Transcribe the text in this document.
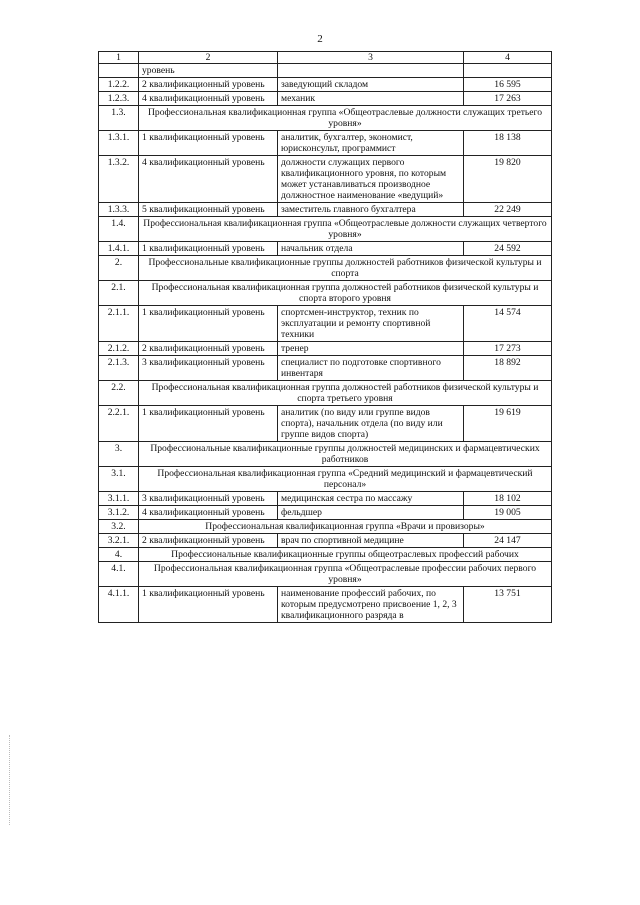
2
1	2	3	4
	уровень		
1.2.2.	2 квалификационный уровень	заведующий складом	16 595
1.2.3.	4 квалификационный уровень	механик	17 263
1.3.	Профессиональная квалификационная группа «Общеотраслевые должности служащих третьего уровня»		
1.3.1.	1 квалификационный уровень	аналитик, бухгалтер, экономист, юрисконсульт, программист	18 138
1.3.2.	4 квалификационный уровень	должности служащих первого квалификационного уровня, по которым может устанавливаться производное должностное наименование «ведущий»	19 820
1.3.3.	5 квалификационный уровень	заместитель главного бухгалтера	22 249
1.4.	Профессиональная квалификационная группа «Общеотраслевые должности служащих четвертого уровня»		
1.4.1.	1 квалификационный уровень	начальник отдела	24 592
2.	Профессиональные квалификационные группы должностей работников физической культуры и спорта		
2.1.	Профессиональная квалификационная группа должностей работников физической культуры и спорта второго уровня		
2.1.1.	1 квалификационный уровень	спортсмен-инструктор, техник по эксплуатации и ремонту спортивной техники	14 574
2.1.2.	2 квалификационный уровень	тренер	17 273
2.1.3.	3 квалификационный уровень	специалист по подготовке спортивного инвентаря	18 892
2.2.	Профессиональная квалификационная группа должностей работников физической культуры и спорта третьего уровня		
2.2.1.	1 квалификационный уровень	аналитик (по виду или группе видов спорта), начальник отдела (по виду или группе видов спорта)	19 619
3.	Профессиональные квалификационные группы должностей медицинских и фармацевтических работников		
3.1.	Профессиональная квалификационная группа «Средний медицинский и фармацевтический персонал»		
3.1.1.	3 квалификационный уровень	медицинская сестра по массажу	18 102
3.1.2.	4 квалификационный уровень	фельдшер	19 005
3.2.	Профессиональная квалификационная группа «Врачи и провизоры»		
3.2.1.	2 квалификационный уровень	врач по спортивной медицине	24 147
4.	Профессиональные квалификационные группы общеотраслевых профессий рабочих		
4.1.	Профессиональная квалификационная группа «Общеотраслевые профессии рабочих первого уровня»		
4.1.1.	1 квалификационный уровень	наименование профессий рабочих, по которым предусмотрено присвоение 1, 2, 3 квалификационного разряда в	13 751
